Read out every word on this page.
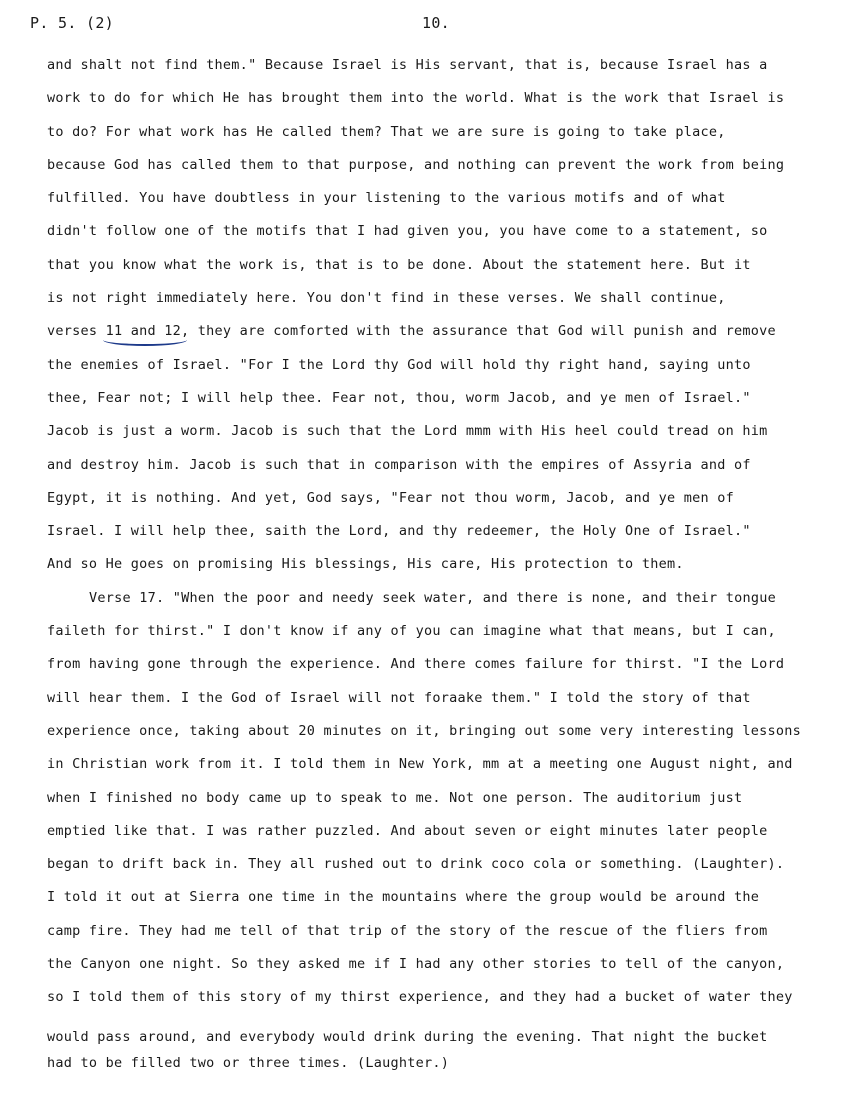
P. 5. (2)	10.
and shalt not find them." Because Israel is His servant, that is, because Israel has a
work to do for which He has brought them into the world. What is the work that Israel is
to do? For what work has He called them? That we are sure is going to take place,
because God has called them to that purpose, and nothing can prevent the work from being
fulfilled. You have doubtless in your listening to the various motifs and of what
didn't follow one of the motifs that I had given you, you have come to a statement, so
that you know what the work is, that is to be done. About the statement here. But it
is not right immediately here. You don't find in these verses. We shall continue,
verses 11 and 12, they are comforted with the assurance that God will punish and remove
the enemies of Israel. "For I the Lord thy God will hold thy right hand, saying unto
thee, Fear not; I will help thee. Fear not, thou, worm Jacob, and ye men of Israel."
Jacob is just a worm. Jacob is such that the Lord mmm with His heel could tread on him
and destroy him. Jacob is such that in comparison with the empires of Assyria and of
Egypt, it is nothing. And yet, God says, "Fear not thou worm, Jacob, and ye men of
Israel. I will help thee, saith the Lord, and thy redeemer, the Holy One of Israel."
And so He goes on promising His blessings, His care, His protection to them.
Verse 17. "When the poor and needy seek water, and there is none, and their tongue
faileth for thirst." I don't know if any of you can imagine what that means, but I can,
from having gone through the experience. And there comes failure for thirst. "I the Lord
will hear them. I the God of Israel will not foraake them." I told the story of that
experience once, taking about 20 minutes on it, bringing out some very interesting lessons
in Christian work from it. I told them in New York, mm at a meeting one August night, and
when I finished no body came up to speak to me. Not one person. The auditorium just
emptied like that. I was rather puzzled. And about seven or eight minutes later people
began to drift back in. They all rushed out to drink coco cola or something. (Laughter).
I told it out at Sierra one time in the mountains where the group would be around the
camp fire. They had me tell of that trip of the story of the rescue of the fliers from
the Canyon one night. So they asked me if I had any other stories to tell of the canyon,
so I told them of this story of my thirst experience, and they had a bucket of water they
would pass around, and everybody would drink during the evening. That night the bucket
had to be filled two or three times. (Laughter.)
